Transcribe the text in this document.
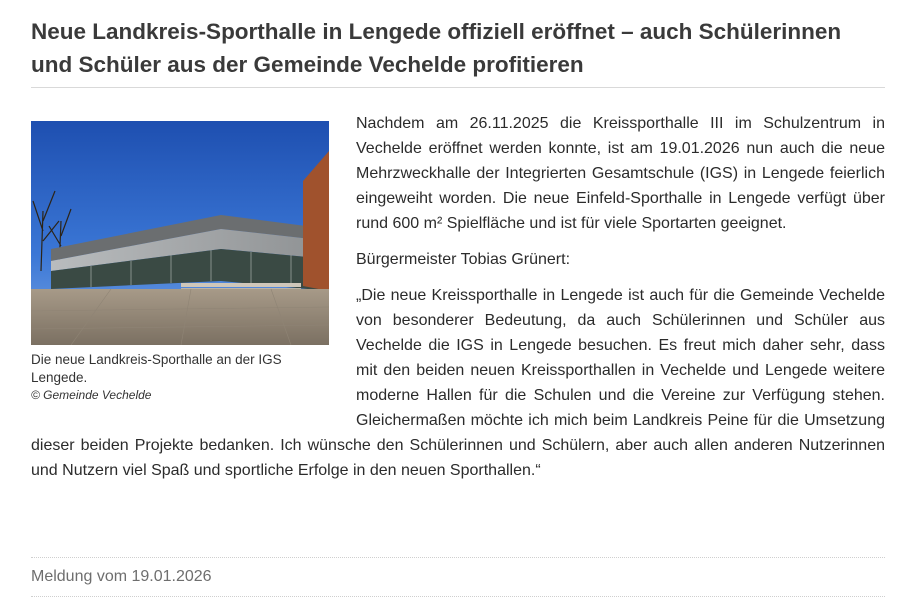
Neue Landkreis-Sporthalle in Lengede offiziell eröffnet – auch Schülerinnen und Schüler aus der Gemeinde Vechelde profitieren

Nachdem am 26.11.2025 die Kreissporthalle III im Schulzentrum in Vechelde eröffnet werden konnte, ist am 19.01.2026 nun auch die neue Mehrzweckhalle der Integrierten Gesamtschule (IGS) in Lengede feierlich eingeweiht worden. Die neue Einfeld-Sporthalle in Lengede verfügt über rund 600 m² Spielfläche und ist für viele Sportarten geeignet.

Bürgermeister Tobias Grünert:

„Die neue Kreissporthalle in Lengede ist auch für die Gemeinde Vechelde von besonderer Bedeutung, da auch Schülerinnen und Schüler aus Vechelde die IGS in Lengede besuchen. Es freut mich daher sehr, dass mit den beiden neuen Kreissporthallen in Vechelde und Lengede weitere moderne Hallen für die Schulen und die Vereine zur Verfügung stehen. Gleichermaßen möchte ich mich beim Landkreis Peine für die Umsetzung dieser beiden Projekte bedanken. Ich wünsche den Schülerinnen und Schülern, aber auch allen anderen Nutzerinnen und Nutzern viel Spaß und sportliche Erfolge in den neuen Sporthallen.“

Die neue Landkreis-Sporthalle an der IGS Lengede.
© Gemeinde Vechelde
Meldung vom 19.01.2026
